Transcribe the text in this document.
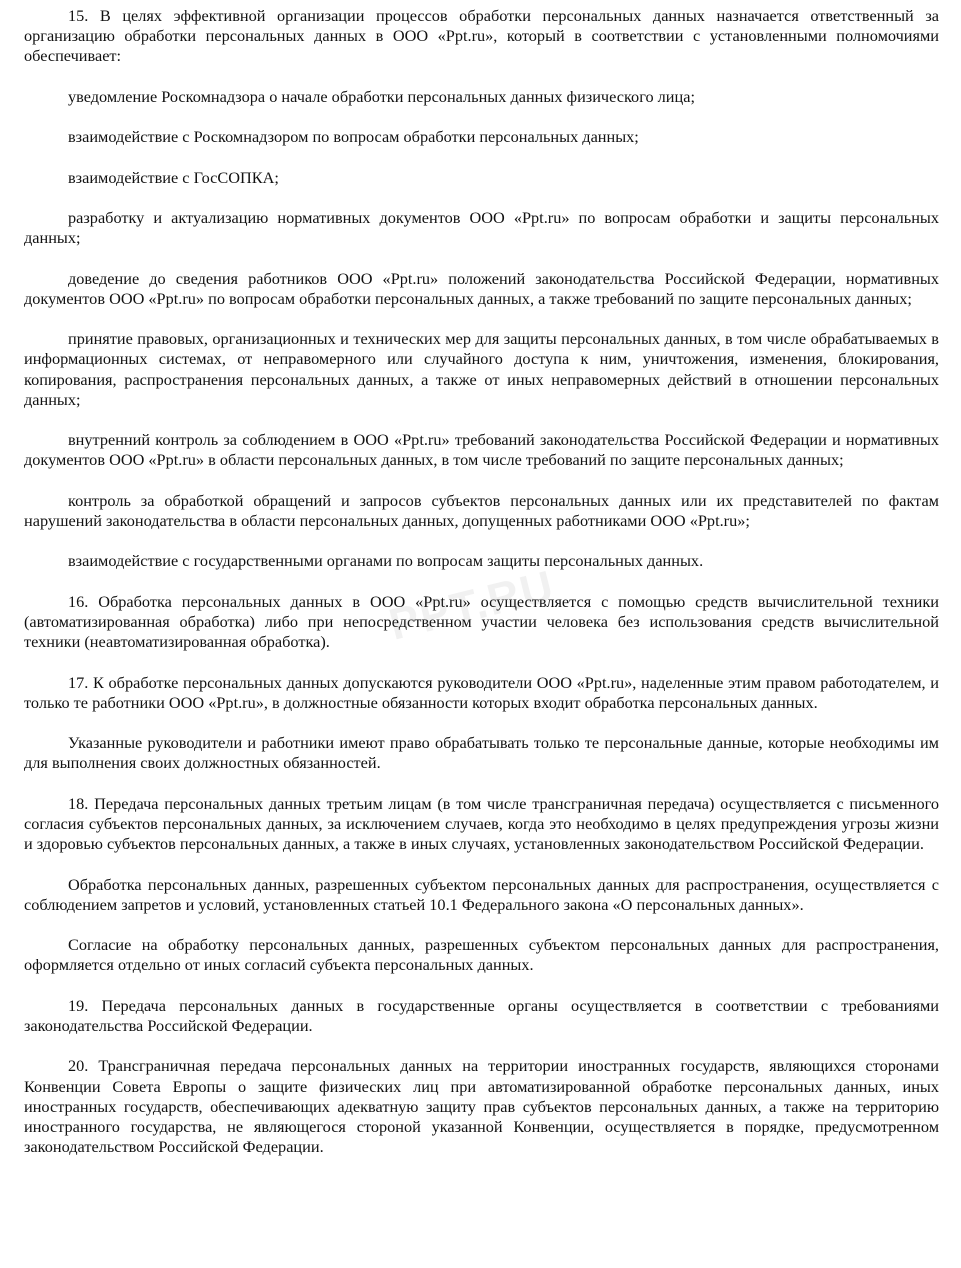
PPT.RU

15. В целях эффективной организации процессов обработки персональных данных назначается ответственный за организацию обработки персональных данных в ООО «Ppt.ru», который в соответствии с установленными полномочиями обеспечивает:

уведомление Роскомнадзора о начале обработки персональных данных физического лица;

взаимодействие с Роскомнадзором по вопросам обработки персональных данных;

взаимодействие с ГосСОПКА;

разработку и актуализацию нормативных документов ООО «Ppt.ru» по вопросам обработки и защиты персональных данных;

доведение до сведения работников ООО «Ppt.ru» положений законодательства Российской Федерации, нормативных документов ООО «Ppt.ru» по вопросам обработки персональных данных, а также требований по защите персональных данных;

принятие правовых, организационных и технических мер для защиты персональных данных, в том числе обрабатываемых в информационных системах, от неправомерного или случайного доступа к ним, уничтожения, изменения, блокирования, копирования, распространения персональных данных, а также от иных неправомерных действий в отношении персональных данных;

внутренний контроль за соблюдением в ООО «Ppt.ru» требований законодательства Российской Федерации и нормативных документов ООО «Ppt.ru» в области персональных данных, в том числе требований по защите персональных данных;

контроль за обработкой обращений и запросов субъектов персональных данных или их представителей по фактам нарушений законодательства в области персональных данных, допущенных работниками ООО «Ppt.ru»;

взаимодействие с государственными органами по вопросам защиты персональных данных.

16. Обработка персональных данных в ООО «Ppt.ru» осуществляется с помощью средств вычислительной техники (автоматизированная обработка) либо при непосредственном участии человека без использования средств вычислительной техники (неавтоматизированная обработка).

17. К обработке персональных данных допускаются руководители ООО «Ppt.ru», наделенные этим правом работодателем, и только те работники ООО «Ppt.ru», в должностные обязанности которых входит обработка персональных данных.

Указанные руководители и работники имеют право обрабатывать только те персональные данные, которые необходимы им для выполнения своих должностных обязанностей.

18. Передача персональных данных третьим лицам (в том числе трансграничная передача) осуществляется с письменного согласия субъектов персональных данных, за исключением случаев, когда это необходимо в целях предупреждения угрозы жизни и здоровью субъектов персональных данных, а также в иных случаях, установленных законодательством Российской Федерации.

Обработка персональных данных, разрешенных субъектом персональных данных для распространения, осуществляется с соблюдением запретов и условий, установленных статьей 10.1 Федерального закона «О персональных данных».

Согласие на обработку персональных данных, разрешенных субъектом персональных данных для распространения, оформляется отдельно от иных согласий субъекта персональных данных.

19. Передача персональных данных в государственные органы осуществляется в соответствии с требованиями законодательства Российской Федерации.

20. Трансграничная передача персональных данных на территории иностранных государств, являющихся сторонами Конвенции Совета Европы о защите физических лиц при автоматизированной обработке персональных данных, иных иностранных государств, обеспечивающих адекватную защиту прав субъектов персональных данных, а также на территорию иностранного государства, не являющегося стороной указанной Конвенции, осуществляется в порядке, предусмотренном законодательством Российской Федерации.
